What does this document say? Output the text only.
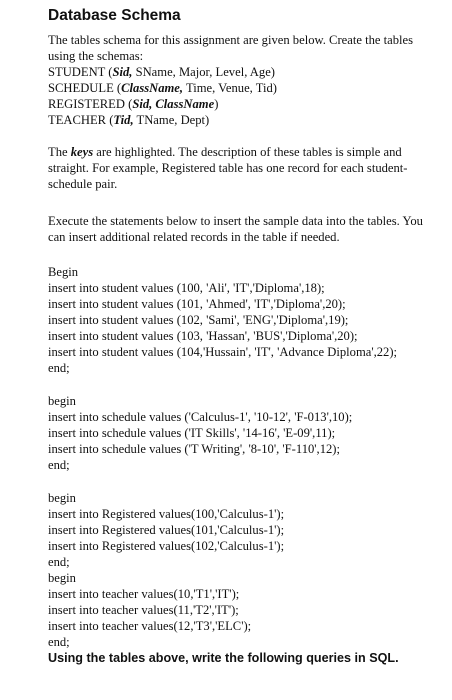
Database Schema

The tables schema for this assignment are given below. Create the tables using the schemas:

STUDENT (Sid, SName, Major, Level, Age)

SCHEDULE (ClassName, Time, Venue, Tid)

REGISTERED (Sid, ClassName)

TEACHER (Tid, TName, Dept)

The keys are highlighted. The description of these tables is simple and straight. For example, Registered table has one record for each student-schedule pair.

Execute the statements below to insert the sample data into the tables. You can insert additional related records in the table if needed.

Begin

insert into student values (100, 'Ali', 'IT','Diploma',18);

insert into student values (101, 'Ahmed', 'IT','Diploma',20);

insert into student values (102, 'Sami', 'ENG','Diploma',19);

insert into student values (103, 'Hassan', 'BUS','Diploma',20);

insert into student values (104,'Hussain', 'IT', 'Advance Diploma',22);

end;

begin

insert into schedule values ('Calculus-1', '10-12', 'F-013',10);

insert into schedule values ('IT Skills', '14-16', 'E-09',11);

insert into schedule values ('T Writing', '8-10', 'F-110',12);

end;

begin

insert into Registered values(100,'Calculus-1');

insert into Registered values(101,'Calculus-1');

insert into Registered values(102,'Calculus-1');

end;

begin

insert into teacher values(10,'T1','IT');

insert into teacher values(11,'T2','IT');

insert into teacher values(12,'T3','ELC');

end;

Using the tables above, write the following queries in SQL.
